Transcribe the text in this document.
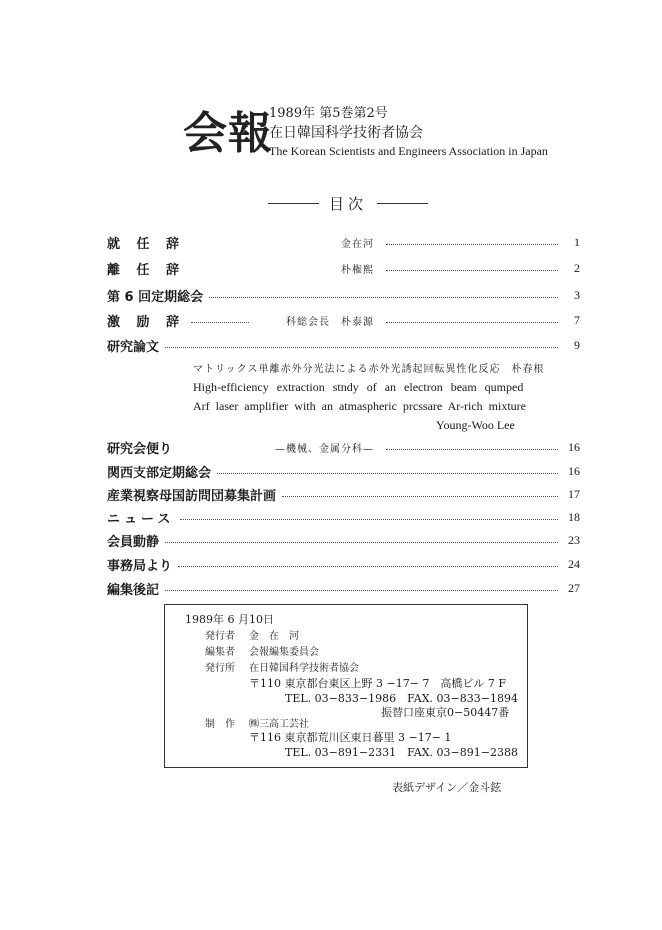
会報
1989年 第5巻第2号
在日韓国科学技術者協会
The Korean Scientists and Engineers Association in Japan
目次
就 任 辞	金在河	1
離 任 辞	朴権熙	2
第 6 回定期総会	3
激 励 辞	科総会長　朴泰源	7
研究論文	9
マトリックス単離赤外分光法による赤外光誘起回転異性化反応　朴春根
High-efficiency extraction stndy of an electron beam qumped
Arf laser amplifier with an atmaspheric prcssare Ar-rich mixture
Young-Woo Lee
研究会便り	—機械、金属分科—	16
関西支部定期総会	16
産業視察母国訪問団募集計画	17
ニュース	18
会員動静	23
事務局より	24
編集後記	27
1989年 6 月10日
発行者 金　在　河
編集者 会報編集委員会
発行所 在日韓国科学技術者協会
〒110 東京都台東区上野 3 −17− 7　高橋ビル 7 F
TEL. 03−833−1986　FAX. 03−833−1894
振替口座東京0−50447番
制　作 ㈱三高工芸社
〒116 東京都荒川区東日暮里 3 −17− 1
TEL. 03−891−2331　FAX. 03−891−2388
表紙デザイン／金斗鉉
